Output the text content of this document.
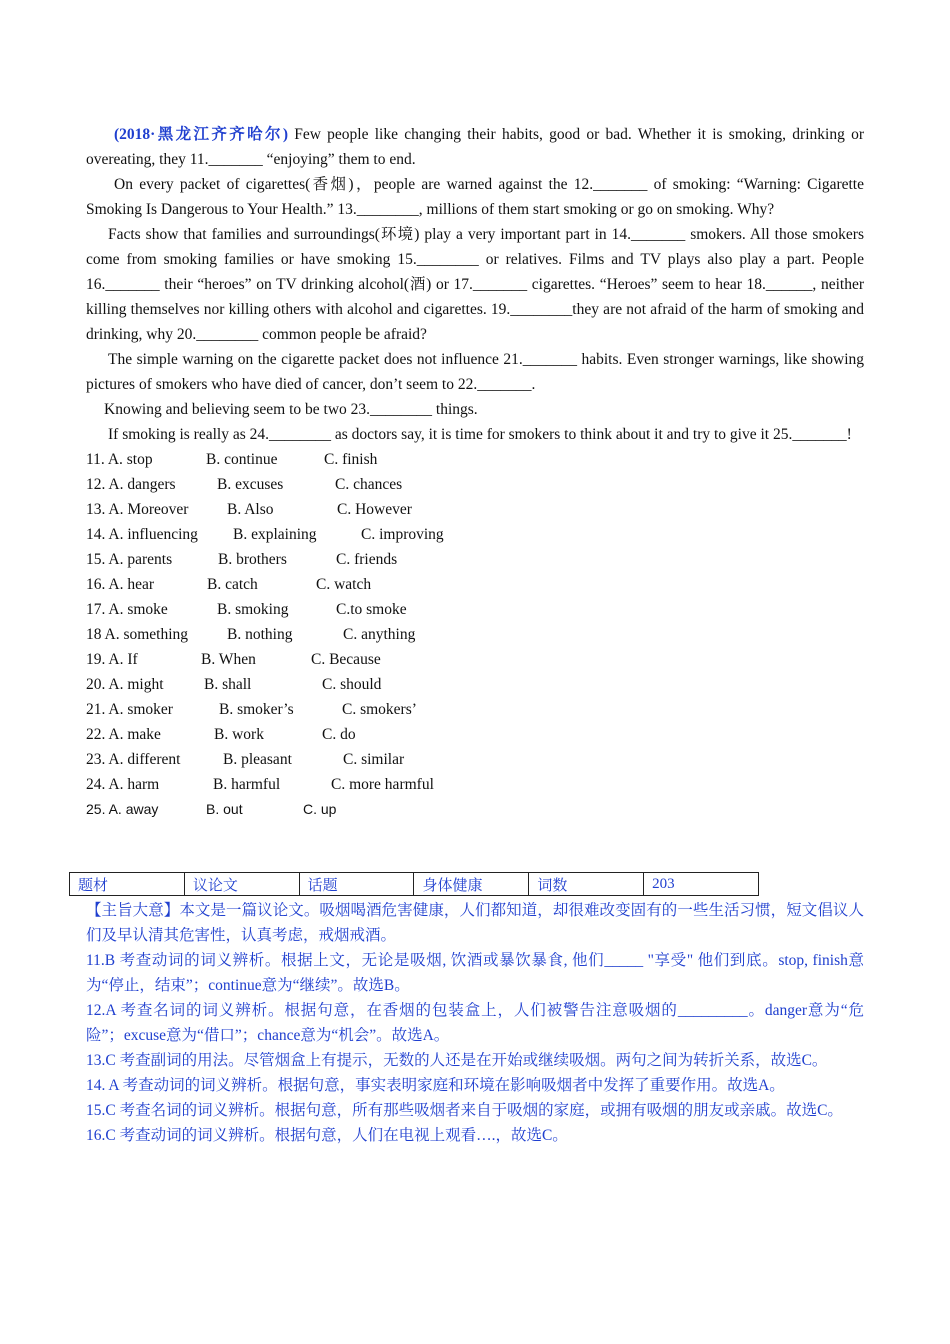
(2018·黑龙江齐齐哈尔) Few people like changing their habits, good or bad. Whether it is smoking, drinking or overeating, they 11._______ “enjoying” them to end.

On every packet of cigarettes(香烟)，people are warned against the 12._______ of smoking: “Warning: Cigarette Smoking Is Dangerous to Your Health.” 13.________, millions of them start smoking or go on smoking. Why?

Facts show that families and surroundings(环境) play a very important part in 14._______ smokers. All those smokers come from smoking families or have smoking 15.________ or relatives. Films and TV plays also play a part. People 16._______ their “heroes” on TV drinking alcohol(酒) or 17._______ cigarettes. “Heroes” seem to hear 18.______, neither killing themselves nor killing others with alcohol and cigarettes. 19.________they are not afraid of the harm of smoking and drinking, why 20.________ common people be afraid?

The simple warning on the cigarette packet does not influence 21._______ habits. Even stronger warnings, like showing pictures of smokers who have died of cancer, don’t seem to 22._______.

Knowing and believing seem to be two 23.________ things.

If smoking is really as 24.________ as doctors say, it is time for smokers to think about it and try to give it 25._______!

11. A. stop	B. continue	C. finish
12. A. dangers	B. excuses	C. chances
13. A. Moreover	B. Also	C. However
14. A. influencing	B. explaining	C. improving
15. A. parents	B. brothers	C. friends
16. A. hear	B. catch	C. watch
17. A. smoke	B. smoking	C.to smoke
18 A. something	B. nothing	C. anything
19. A. If	B. When	C. Because
20. A. might	B. shall	C. should
21. A. smoker	B. smoker’s	C. smokers’
22. A. make	B. work	C. do
23. A. different	B. pleasant	C. similar
24. A. harm	B. harmful	C. more harmful
25. A. away	B. out	C. up
题材	议论文	话题	身体健康	词数	203

【主旨大意】本文是一篇议论文。吸烟喝酒危害健康，人们都知道，却很难改变固有的一些生活习惯，短文倡议人们及早认清其危害性，认真考虑，戒烟戒酒。

11.B 考查动词的词义辨析。根据上文，无论是吸烟, 饮酒或暴饮暴食, 他们_____ "享受" 他们到底。stop, finish意为“停止，结束”；continue意为“继续”。故选B。

12.A 考查名词的词义辨析。根据句意，在香烟的包装盒上，人们被警告注意吸烟的_________。danger意为“危险”；excuse意为“借口”；chance意为“机会”。故选A。

13.C 考查副词的用法。尽管烟盒上有提示，无数的人还是在开始或继续吸烟。两句之间为转折关系，故选C。

14. A 考查动词的词义辨析。根据句意，事实表明家庭和环境在影响吸烟者中发挥了重要作用。故选A。

15.C 考查名词的词义辨析。根据句意，所有那些吸烟者来自于吸烟的家庭，或拥有吸烟的朋友或亲戚。故选C。

16.C 考查动词的词义辨析。根据句意，人们在电视上观看….，故选C。
